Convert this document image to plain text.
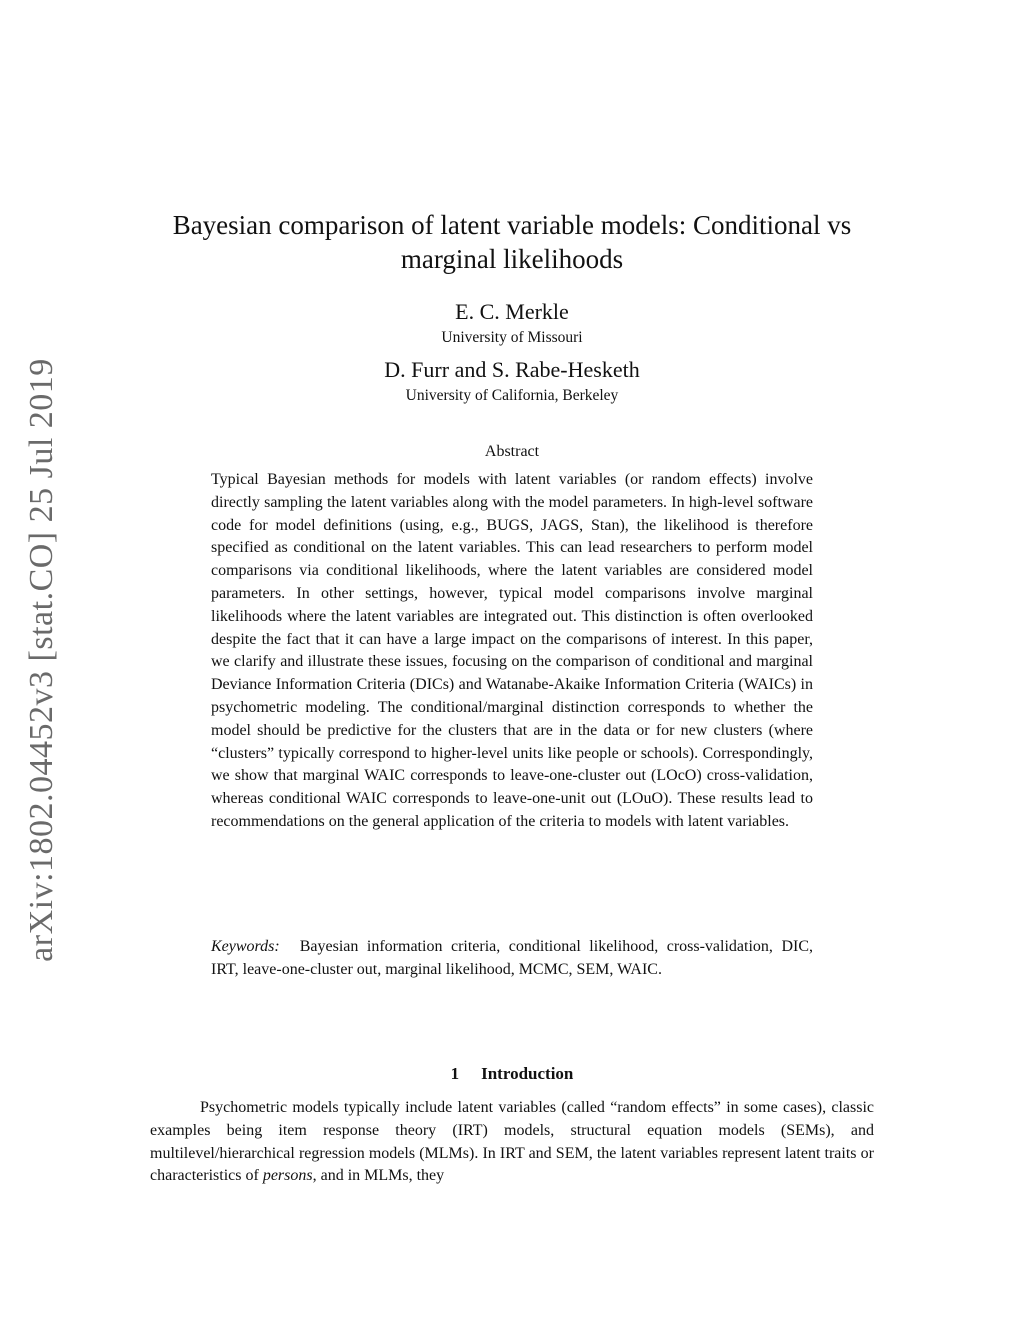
arXiv:1802.04452v3 [stat.CO] 25 Jul 2019
Bayesian comparison of latent variable models: Conditional vs marginal likelihoods
E. C. Merkle
University of Missouri
D. Furr and S. Rabe-Hesketh
University of California, Berkeley
Abstract

Typical Bayesian methods for models with latent variables (or random effects) involve directly sampling the latent variables along with the model parameters. In high-level software code for model definitions (using, e.g., BUGS, JAGS, Stan), the likelihood is therefore specified as conditional on the latent variables. This can lead researchers to perform model comparisons via conditional likelihoods, where the latent variables are considered model parameters. In other settings, however, typical model comparisons involve marginal likelihoods where the latent variables are integrated out. This distinction is often overlooked despite the fact that it can have a large impact on the comparisons of interest. In this paper, we clarify and illustrate these issues, focusing on the comparison of conditional and marginal Deviance Information Criteria (DICs) and Watanabe-Akaike Information Criteria (WAICs) in psychometric modeling. The conditional/marginal distinction corresponds to whether the model should be predictive for the clusters that are in the data or for new clusters (where “clusters” typically correspond to higher-level units like people or schools). Correspondingly, we show that marginal WAIC corresponds to leave-one-cluster out (LOcO) cross-validation, whereas conditional WAIC corresponds to leave-one-unit out (LOuO). These results lead to recommendations on the general application of the criteria to models with latent variables.

Keywords: Bayesian information criteria, conditional likelihood, cross-validation, DIC, IRT, leave-one-cluster out, marginal likelihood, MCMC, SEM, WAIC.

1 Introduction

Psychometric models typically include latent variables (called “random effects” in some cases), classic examples being item response theory (IRT) models, structural equation models (SEMs), and multilevel/hierarchical regression models (MLMs). In IRT and SEM, the latent variables represent latent traits or characteristics of persons, and in MLMs, they
